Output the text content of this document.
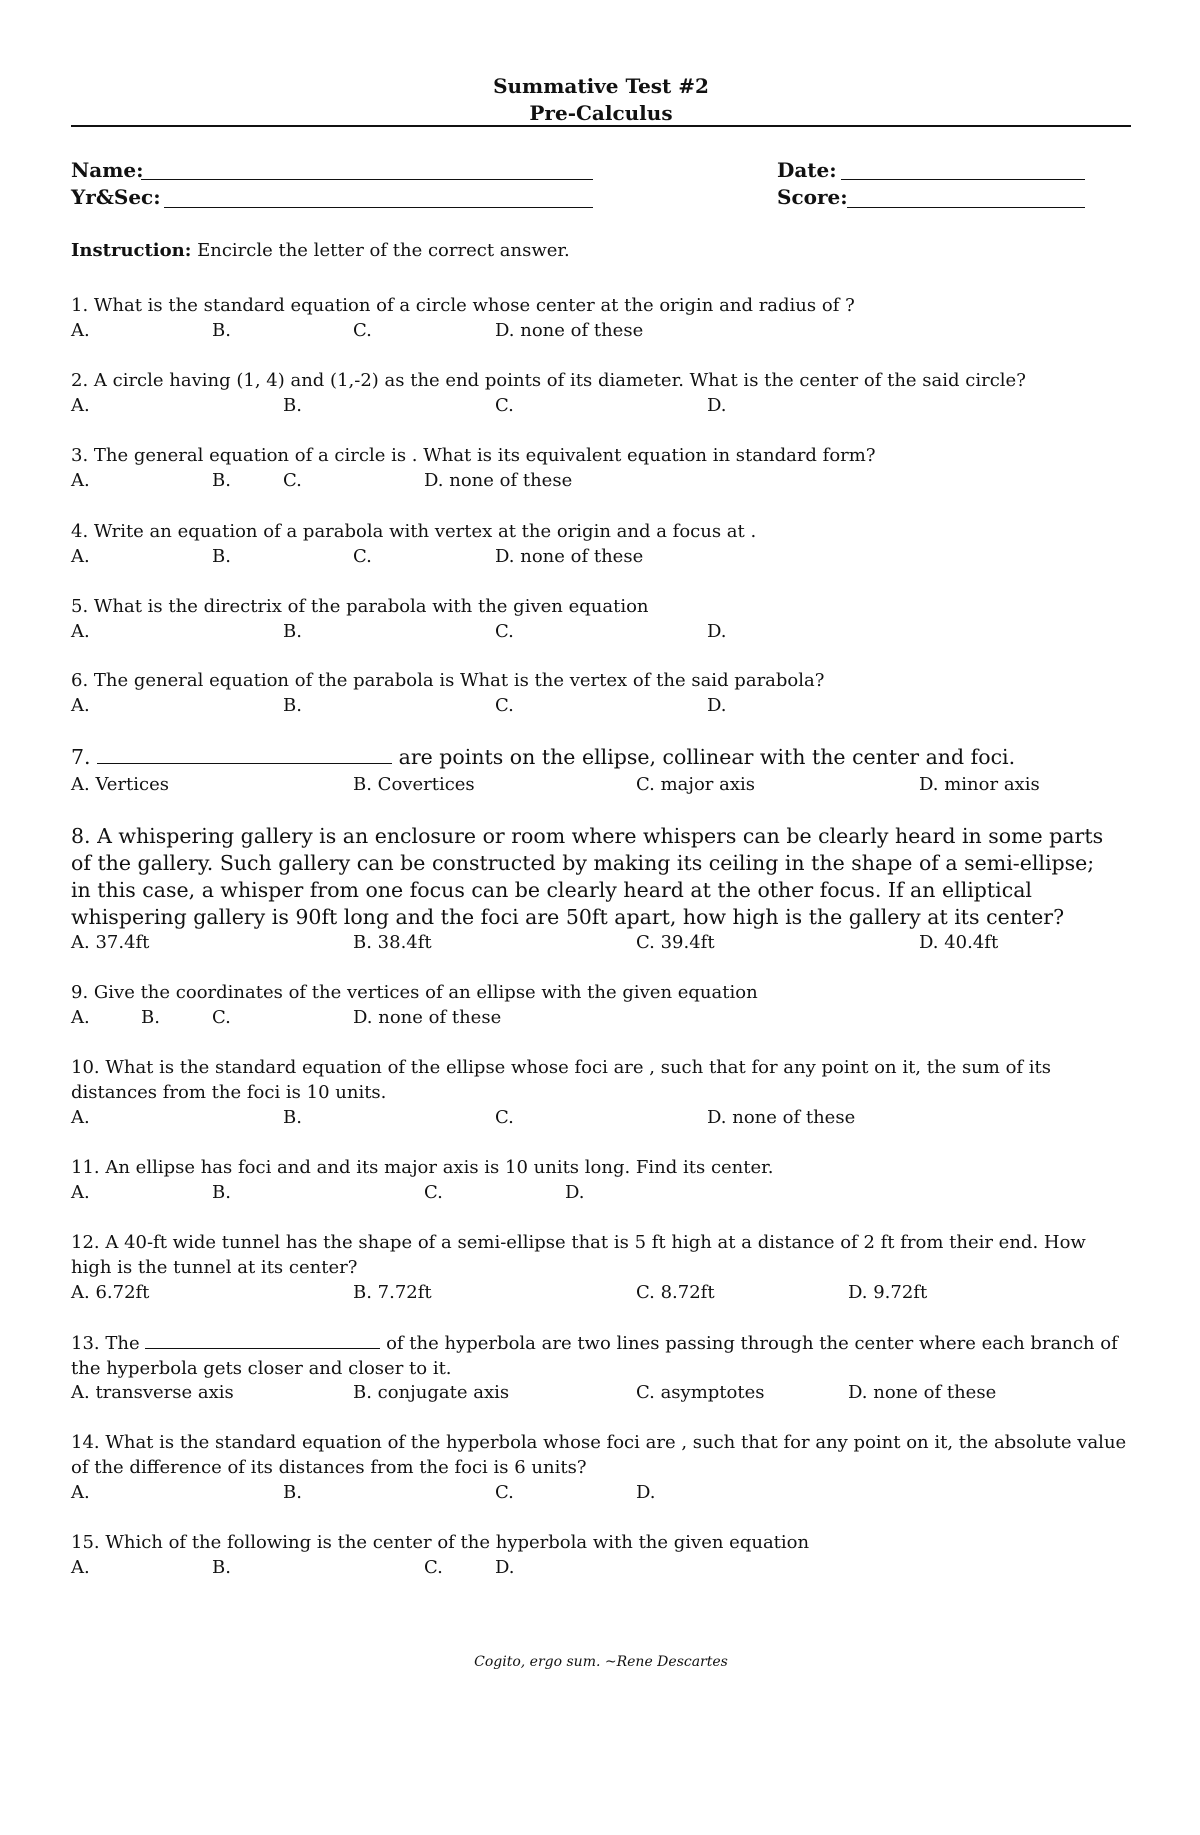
Summative Test #2
Pre-Calculus
Name:	Date:
Yr&Sec:	Score:
Instruction: Encircle the letter of the correct answer.
1. What is the standard equation of a circle whose center at the origin and radius of ?
A.	B.	C.	D. none of these
2. A circle having (1, 4) and (1,-2) as the end points of its diameter. What is the center of the said circle?
A.	B.	C.	D.
3. The general equation of a circle is . What is its equivalent equation in standard form?
A.	B.	C.	D. none of these
4. Write an equation of a parabola with vertex at the origin and a focus at .
A.	B.	C.	D. none of these
5. What is the directrix of the parabola with the given equation
A.	B.	C.	D.
6. The general equation of the parabola is What is the vertex of the said parabola?
A.	B.	C.	D.
7.	are points on the ellipse, collinear with the center and foci.
A. Vertices	B. Covertices	C. major axis	D. minor axis
8. A whispering gallery is an enclosure or room where whispers can be clearly heard in some parts of the gallery. Such gallery can be constructed by making its ceiling in the shape of a semi-ellipse; in this case, a whisper from one focus can be clearly heard at the other focus. If an elliptical whispering gallery is 90ft long and the foci are 50ft apart, how high is the gallery at its center?
A. 37.4ft	B. 38.4ft	C. 39.4ft	D. 40.4ft
9. Give the coordinates of the vertices of an ellipse with the given equation
A.	B.	C.	D. none of these
10. What is the standard equation of the ellipse whose foci are , such that for any point on it, the sum of its distances from the foci is 10 units.
A.	B.	C.	D. none of these
11. An ellipse has foci and and its major axis is 10 units long. Find its center.
A.	B.	C.	D.
12. A 40-ft wide tunnel has the shape of a semi-ellipse that is 5 ft high at a distance of 2 ft from their end. How high is the tunnel at its center?
A. 6.72ft	B. 7.72ft	C. 8.72ft	D. 9.72ft
13. The	of the hyperbola are two lines passing through the center where each branch of the hyperbola gets closer and closer to it.
A. transverse axis	B. conjugate axis	C. asymptotes	D. none of these
14. What is the standard equation of the hyperbola whose foci are , such that for any point on it, the absolute value of the difference of its distances from the foci is 6 units?
A.	B.	C.	D.
15. Which of the following is the center of the hyperbola with the given equation
A.	B.	C.	D.
Cogito, ergo sum. ~Rene Descartes
